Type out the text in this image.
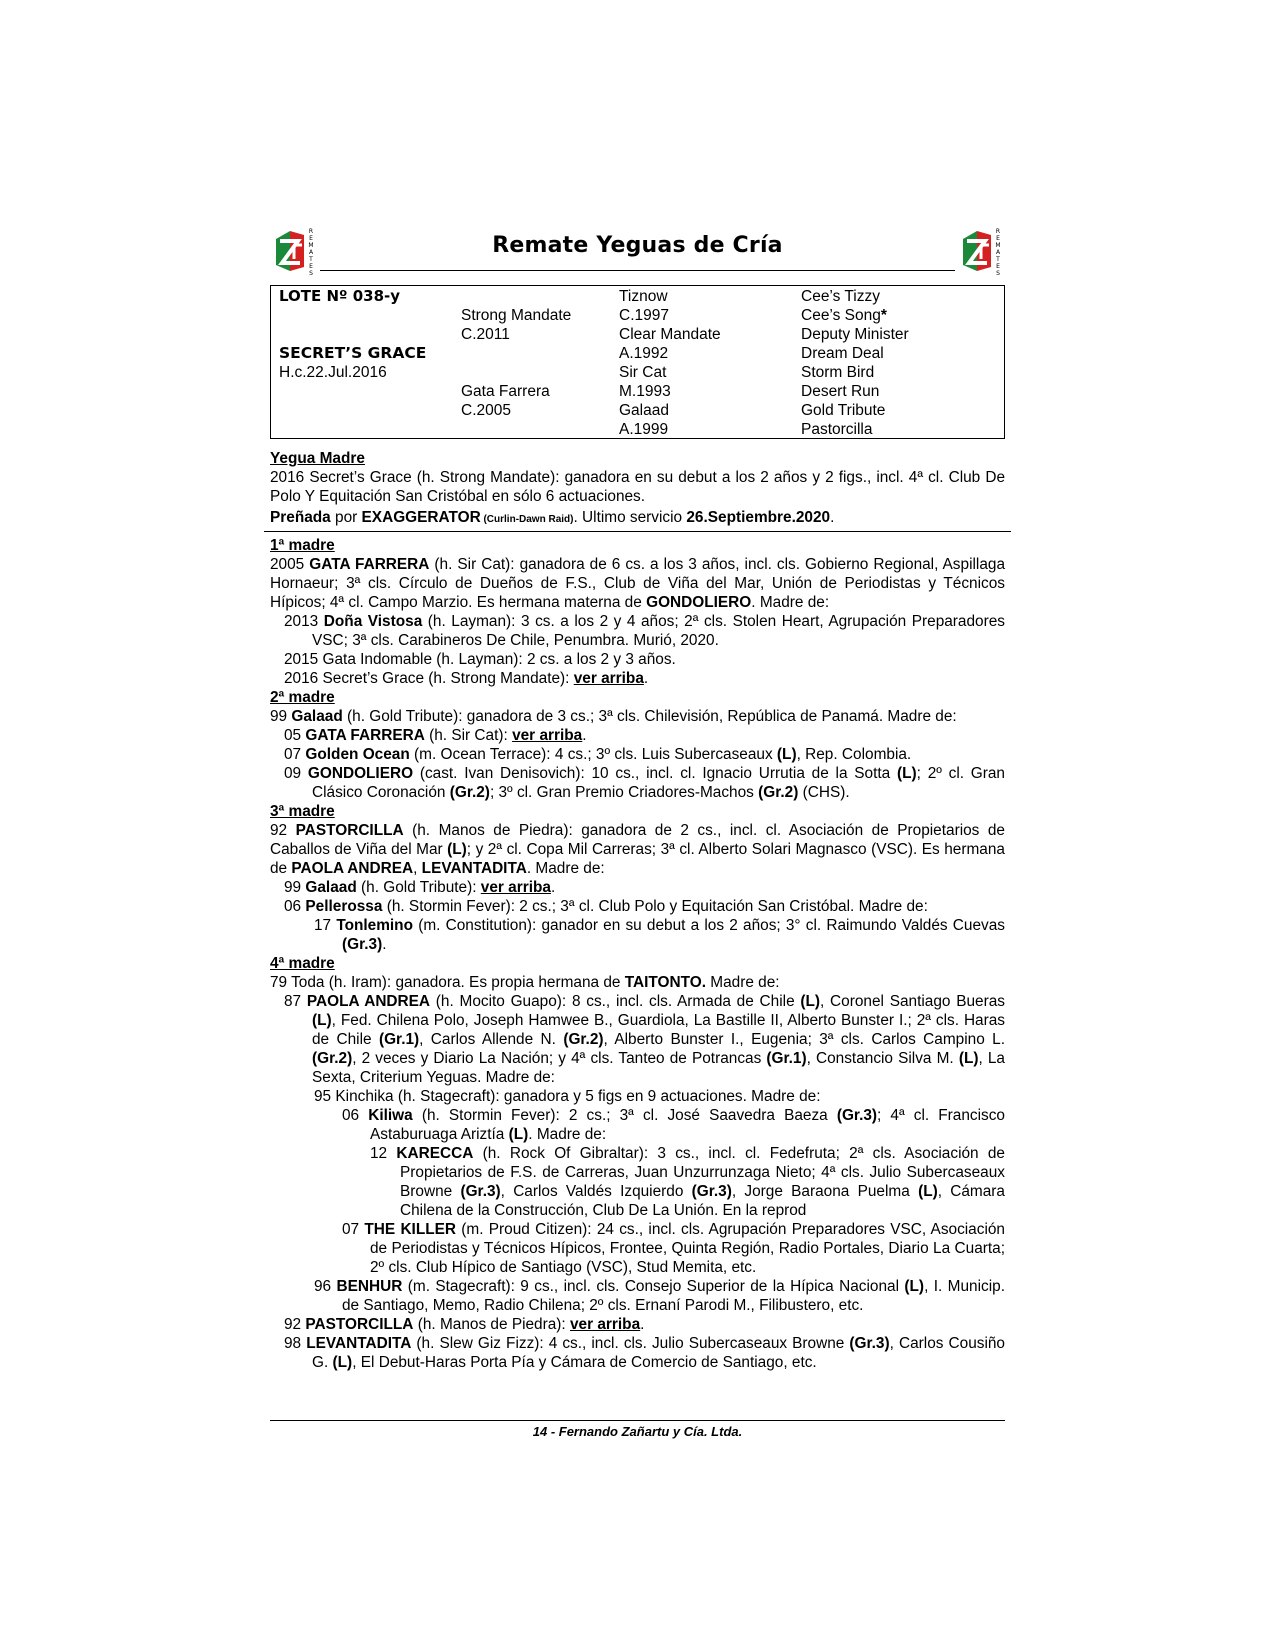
R
E
M
A
T
E
S
Remate Yeguas de Cría
R
E
M
A
T
E
S
LOTE Nº 038-y
SECRET’S GRACE
H.c.22.Jul.2016
Strong Mandate
C.2011
Gata Farrera
C.2005
Tiznow
C.1997
Clear Mandate
A.1992
Sir Cat
M.1993
Galaad
A.1999
Cee’s Tizzy
Cee’s Song*
Deputy Minister
Dream Deal
Storm Bird
Desert Run
Gold Tribute
Pastorcilla

Yegua Madre

2016 Secret’s Grace (h. Strong Mandate): ganadora en su debut a los 2 años y 2 figs., incl. 4ª cl. Club De Polo Y Equitación San Cristóbal en sólo 6 actuaciones.

Preñada por EXAGGERATOR (Curlin-Dawn Raid). Ultimo servicio 26.Septiembre.2020.

1ª madre

2005 GATA FARRERA (h. Sir Cat): ganadora de 6 cs. a los 3 años, incl. cls. Gobierno Regional, Aspillaga Hornaeur; 3ª cls. Círculo de Dueños de F.S., Club de Viña del Mar, Unión de Periodistas y Técnicos Hípicos; 4ª cl. Campo Marzio. Es hermana materna de GONDOLIERO. Madre de:

2013 Doña Vistosa (h. Layman): 3 cs. a los 2 y 4 años; 2ª cls. Stolen Heart, Agrupación Preparadores VSC; 3ª cls. Carabineros De Chile, Penumbra. Murió, 2020.

2015 Gata Indomable (h. Layman): 2 cs. a los 2 y 3 años.

2016 Secret’s Grace (h. Strong Mandate): ver arriba.

2ª madre

99 Galaad (h. Gold Tribute): ganadora de 3 cs.; 3ª cls. Chilevisión, República de Panamá. Madre de:

05 GATA FARRERA (h. Sir Cat): ver arriba.

07 Golden Ocean (m. Ocean Terrace): 4 cs.; 3º cls. Luis Subercaseaux (L), Rep. Colombia.

09 GONDOLIERO (cast. Ivan Denisovich): 10 cs., incl. cl. Ignacio Urrutia de la Sotta (L); 2º cl. Gran Clásico Coronación (Gr.2); 3º cl. Gran Premio Criadores-Machos (Gr.2) (CHS).

3ª madre

92 PASTORCILLA (h. Manos de Piedra): ganadora de 2 cs., incl. cl. Asociación de Propietarios de Caballos de Viña del Mar (L); y 2ª cl. Copa Mil Carreras; 3ª cl. Alberto Solari Magnasco (VSC). Es hermana de PAOLA ANDREA, LEVANTADITA. Madre de:

99 Galaad (h. Gold Tribute): ver arriba.

06 Pellerossa (h. Stormin Fever): 2 cs.; 3ª cl. Club Polo y Equitación San Cristóbal. Madre de:

17 Tonlemino (m. Constitution): ganador en su debut a los 2 años; 3° cl. Raimundo Valdés Cuevas (Gr.3).

4ª madre

79 Toda (h. Iram): ganadora. Es propia hermana de TAITONTO. Madre de:

87 PAOLA ANDREA (h. Mocito Guapo): 8 cs., incl. cls. Armada de Chile (L), Coronel Santiago Bueras (L), Fed. Chilena Polo, Joseph Hamwee B., Guardiola, La Bastille II, Alberto Bunster I.; 2ª cls. Haras de Chile (Gr.1), Carlos Allende N. (Gr.2), Alberto Bunster I., Eugenia; 3ª cls. Carlos Campino L. (Gr.2), 2 veces y Diario La Nación; y 4ª cls. Tanteo de Potrancas (Gr.1), Constancio Silva M. (L), La Sexta, Criterium Yeguas. Madre de:

95 Kinchika (h. Stagecraft): ganadora y 5 figs en 9 actuaciones. Madre de:

06 Kiliwa (h. Stormin Fever): 2 cs.; 3ª cl. José Saavedra Baeza (Gr.3); 4ª cl. Francisco Astaburuaga Ariztía (L). Madre de:

12 KARECCA (h. Rock Of Gibraltar): 3 cs., incl. cl. Fedefruta; 2ª cls. Asociación de Propietarios de F.S. de Carreras, Juan Unzurrunzaga Nieto; 4ª cls. Julio Subercaseaux Browne (Gr.3), Carlos Valdés Izquierdo (Gr.3), Jorge Baraona Puelma (L), Cámara Chilena de la Construcción, Club De La Unión. En la reprod

07 THE KILLER (m. Proud Citizen): 24 cs., incl. cls. Agrupación Preparadores VSC, Asociación de Periodistas y Técnicos Hípicos, Frontee, Quinta Región, Radio Portales, Diario La Cuarta; 2º cls. Club Hípico de Santiago (VSC), Stud Memita, etc.

96 BENHUR (m. Stagecraft): 9 cs., incl. cls. Consejo Superior de la Hípica Nacional (L), I. Municip. de Santiago, Memo, Radio Chilena; 2º cls. Ernaní Parodi M., Filibustero, etc.

92 PASTORCILLA (h. Manos de Piedra): ver arriba.

98 LEVANTADITA (h. Slew Giz Fizz): 4 cs., incl. cls. Julio Subercaseaux Browne (Gr.3), Carlos Cousiño G. (L), El Debut-Haras Porta Pía y Cámara de Comercio de Santiago, etc.

14 - Fernando Zañartu y Cía. Ltda.
